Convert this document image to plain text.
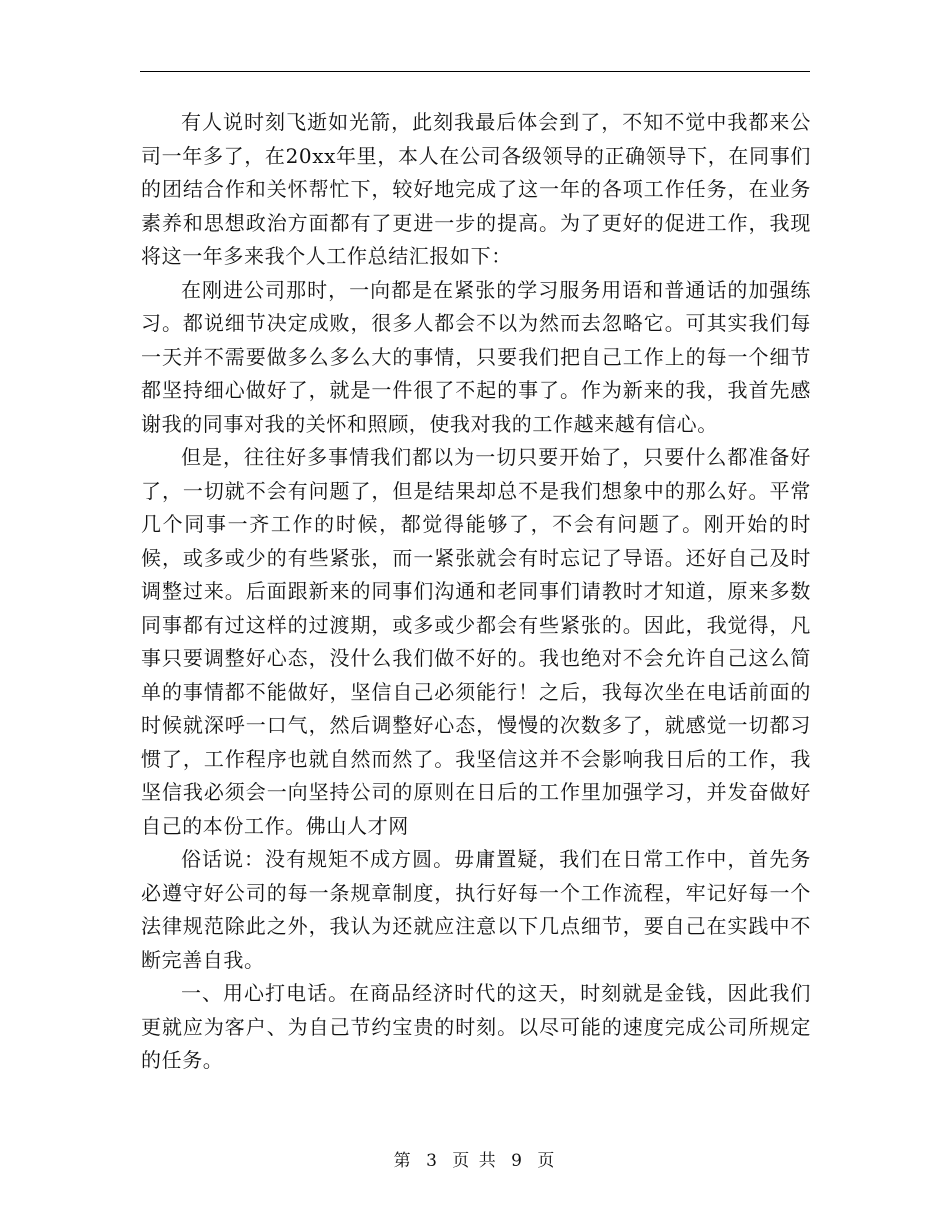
有人说时刻飞逝如光箭，此刻我最后体会到了，不知不觉中我都来公司一年多了，在20xx年里，本人在公司各级领导的正确领导下，在同事们的团结合作和关怀帮忙下，较好地完成了这一年的各项工作任务，在业务素养和思想政治方面都有了更进一步的提高。为了更好的促进工作，我现将这一年多来我个人工作总结汇报如下：

在刚进公司那时，一向都是在紧张的学习服务用语和普通话的加强练习。都说细节决定成败，很多人都会不以为然而去忽略它。可其实我们每一天并不需要做多么多么大的事情，只要我们把自己工作上的每一个细节都坚持细心做好了，就是一件很了不起的事了。作为新来的我，我首先感谢我的同事对我的关怀和照顾，使我对我的工作越来越有信心。

但是，往往好多事情我们都以为一切只要开始了，只要什么都准备好了，一切就不会有问题了，但是结果却总不是我们想象中的那么好。平常几个同事一齐工作的时候，都觉得能够了，不会有问题了。刚开始的时候，或多或少的有些紧张，而一紧张就会有时忘记了导语。还好自己及时调整过来。后面跟新来的同事们沟通和老同事们请教时才知道，原来多数同事都有过这样的过渡期，或多或少都会有些紧张的。因此，我觉得，凡事只要调整好心态，没什么我们做不好的。我也绝对不会允许自己这么简单的事情都不能做好，坚信自己必须能行！之后，我每次坐在电话前面的时候就深呼一口气，然后调整好心态，慢慢的次数多了，就感觉一切都习惯了，工作程序也就自然而然了。我坚信这并不会影响我日后的工作，我坚信我必须会一向坚持公司的原则在日后的工作里加强学习，并发奋做好自己的本份工作。佛山人才网

俗话说：没有规矩不成方圆。毋庸置疑，我们在日常工作中，首先务必遵守好公司的每一条规章制度，执行好每一个工作流程，牢记好每一个法律规范除此之外，我认为还就应注意以下几点细节，要自己在实践中不断完善自我。

一、用心打电话。在商品经济时代的这天，时刻就是金钱，因此我们更就应为客户、为自己节约宝贵的时刻。以尽可能的速度完成公司所规定的任务。

第 3 页 共 9 页
